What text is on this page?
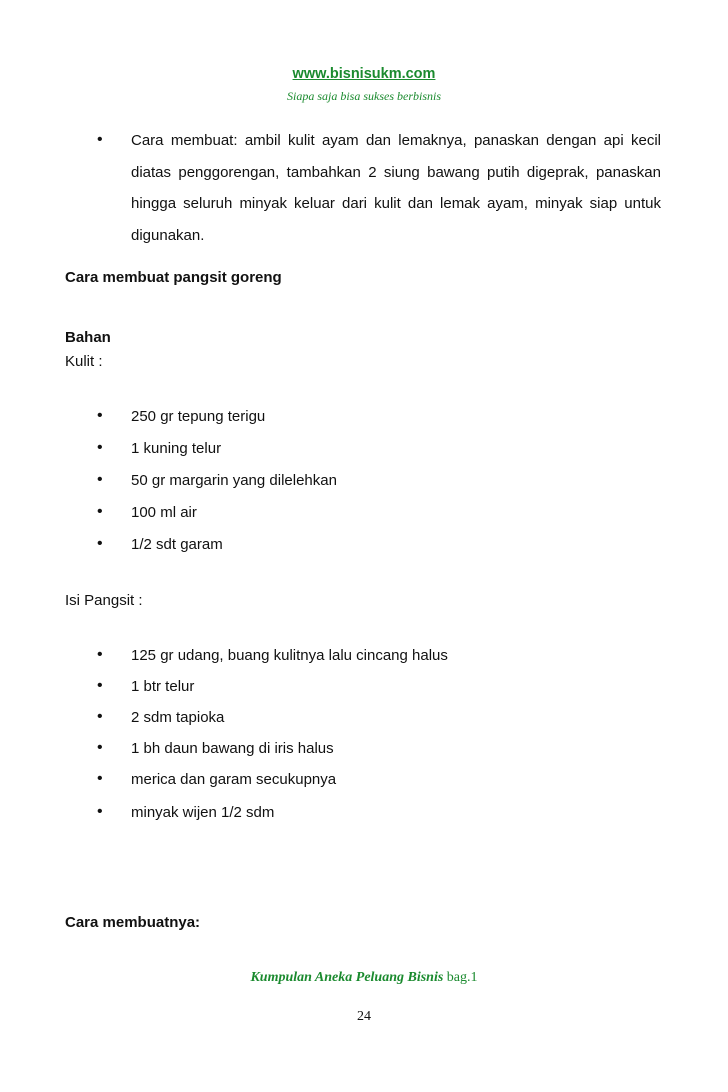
www.bisnisukm.com
Siapa saja bisa sukses berbisnis
• Cara membuat: ambil kulit ayam dan lemaknya, panaskan dengan api kecil diatas penggorengan, tambahkan 2 siung bawang putih digeprak, panaskan hingga seluruh minyak keluar dari kulit dan lemak ayam, minyak siap untuk digunakan.
Cara membuat pangsit goreng
Bahan
Kulit :
• 250 gr tepung terigu
• 1 kuning telur
• 50 gr margarin yang dilelehkan
• 100 ml air
• 1/2 sdt garam
Isi Pangsit :
• 125 gr udang, buang kulitnya lalu cincang halus
• 1 btr telur
• 2 sdm tapioka
• 1 bh daun bawang di iris halus
• merica dan garam secukupnya
• minyak wijen 1/2 sdm
Cara membuatnya:
Kumpulan Aneka Peluang Bisnis bag.1
24
